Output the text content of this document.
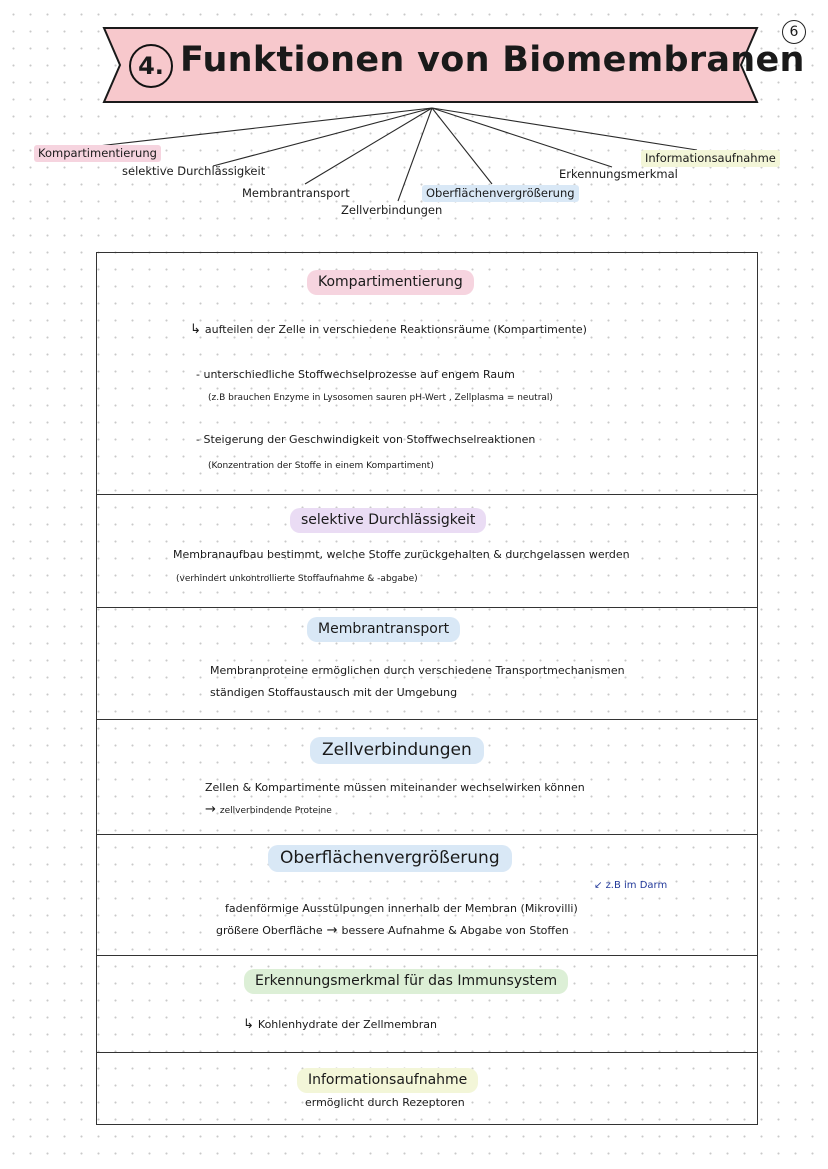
6
4. Funktionen von Biomembranen
Kompartimentierung
selektive Durchlässigkeit
Membrantransport
Zellverbindungen
Oberflächenvergrößerung
Erkennungsmerkmal
Informationsaufnahme
Kompartimentierung
↳ aufteilen der Zelle in verschiedene Reaktionsräume (Kompartimente)
- unterschiedliche Stoffwechselprozesse auf engem Raum
(z.B brauchen Enzyme in Lysosomen sauren pH-Wert , Zellplasma = neutral)
- Steigerung der Geschwindigkeit von Stoffwechselreaktionen
(Konzentration der Stoffe in einem Kompartiment)
selektive Durchlässigkeit
Membranaufbau bestimmt, welche Stoffe zurückgehalten & durchgelassen werden
(verhindert unkontrollierte Stoffaufnahme & -abgabe)
Membrantransport
Membranproteine ermöglichen durch verschiedene Transportmechanismen
ständigen Stoffaustausch mit der Umgebung
Zellverbindungen
Zellen & Kompartimente müssen miteinander wechselwirken können
→ zellverbindende Proteine
Oberflächenvergrößerung
↙ z.B im Darm
fadenförmige Ausstülpungen innerhalb der Membran (Mikrovilli)
größere Oberfläche → bessere Aufnahme & Abgabe von Stoffen
Erkennungsmerkmal für das Immunsystem
↳ Kohlenhydrate der Zellmembran
Informationsaufnahme
ermöglicht durch Rezeptoren
